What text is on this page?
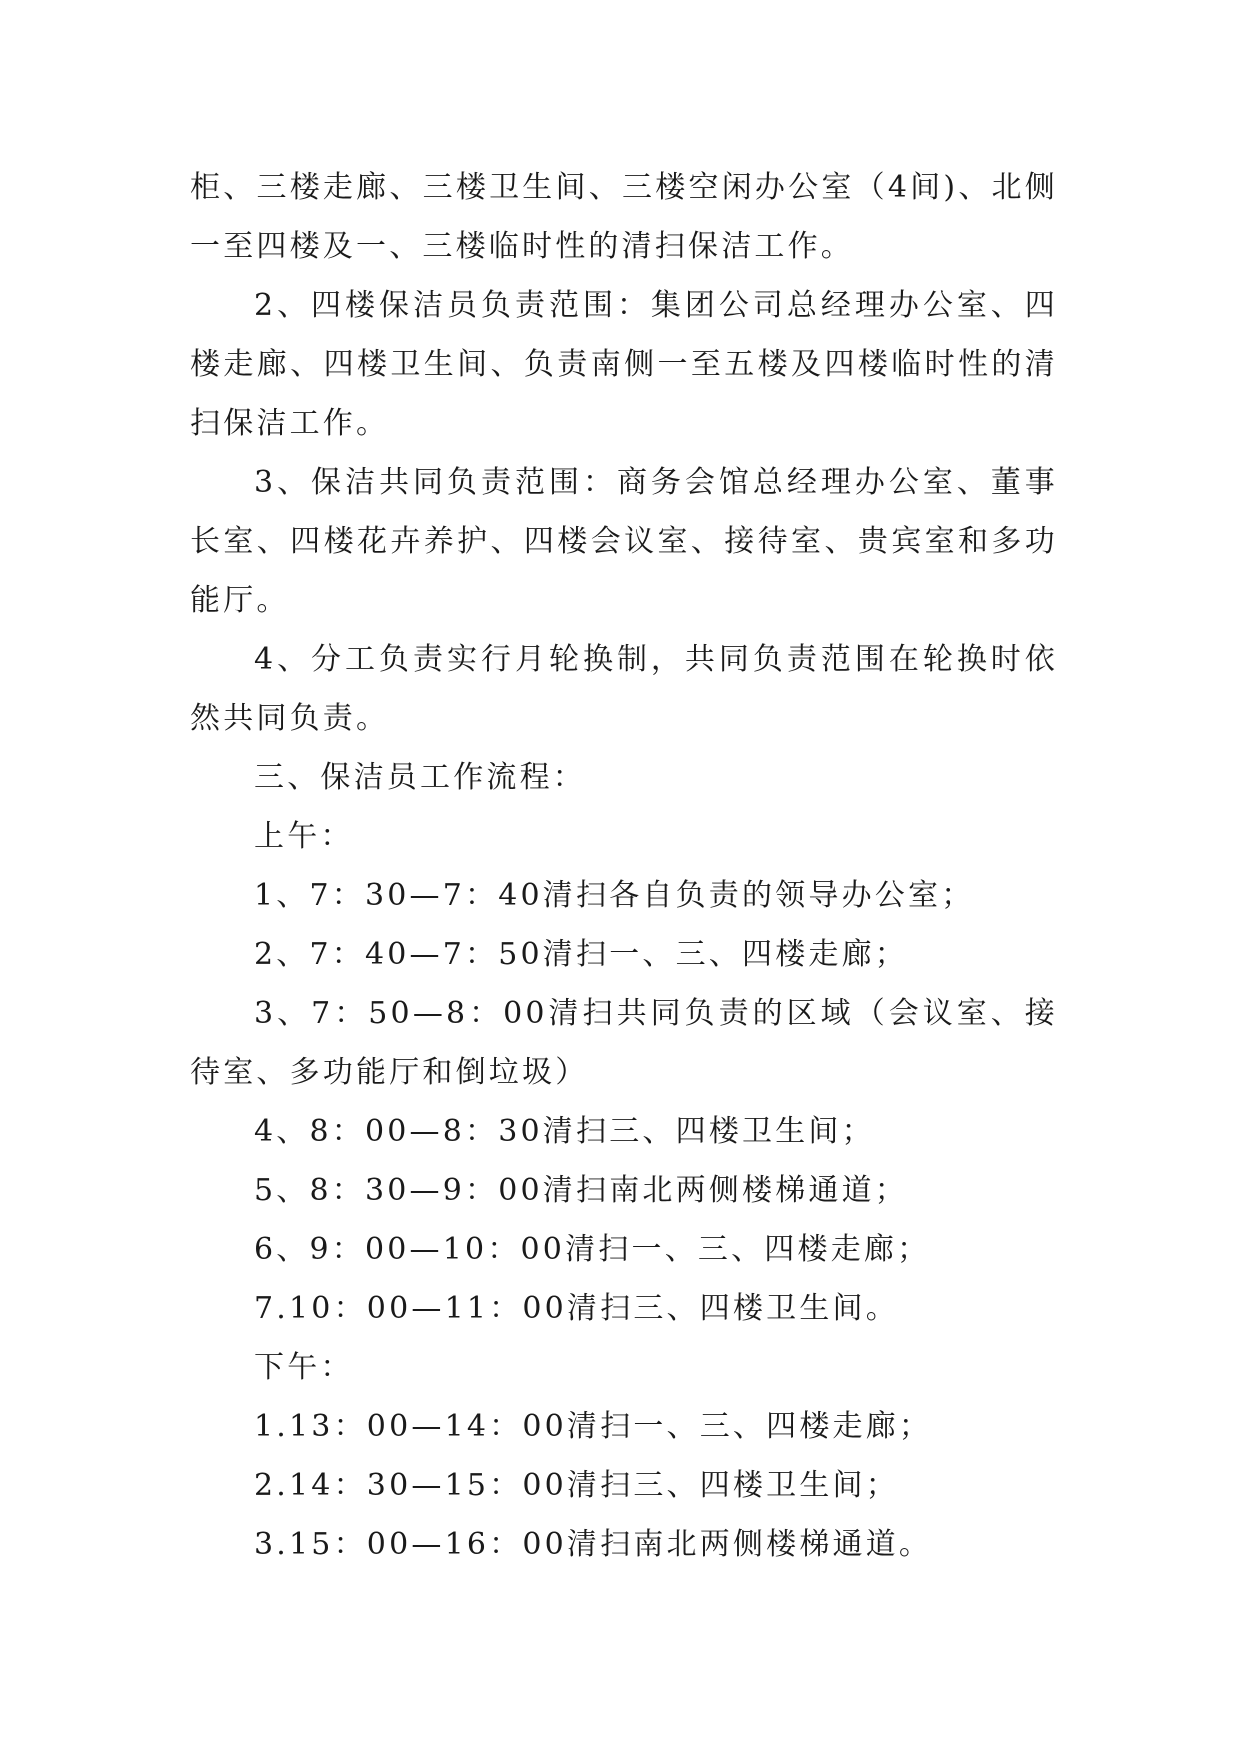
柜、三楼走廊、三楼卫生间、三楼空闲办公室（4间)、北侧一至四楼及一、三楼临时性的清扫保洁工作。

2、四楼保洁员负责范围：集团公司总经理办公室、四楼走廊、四楼卫生间、负责南侧一至五楼及四楼临时性的清扫保洁工作。

3、保洁共同负责范围：商务会馆总经理办公室、董事长室、四楼花卉养护、四楼会议室、接待室、贵宾室和多功能厅。

4、分工负责实行月轮换制，共同负责范围在轮换时依然共同负责。

三、保洁员工作流程：

上午：

1、7：30—7：40清扫各自负责的领导办公室；

2、7：40—7：50清扫一、三、四楼走廊；

3、7：50—8：00清扫共同负责的区域（会议室、接待室、多功能厅和倒垃圾）

4、8：00—8：30清扫三、四楼卫生间；

5、8：30—9：00清扫南北两侧楼梯通道；

6、9：00—10：00清扫一、三、四楼走廊；

7.10：00—11：00清扫三、四楼卫生间。

下午：

1.13：00—14：00清扫一、三、四楼走廊；

2.14：30—15：00清扫三、四楼卫生间；

3.15：00—16：00清扫南北两侧楼梯通道。
